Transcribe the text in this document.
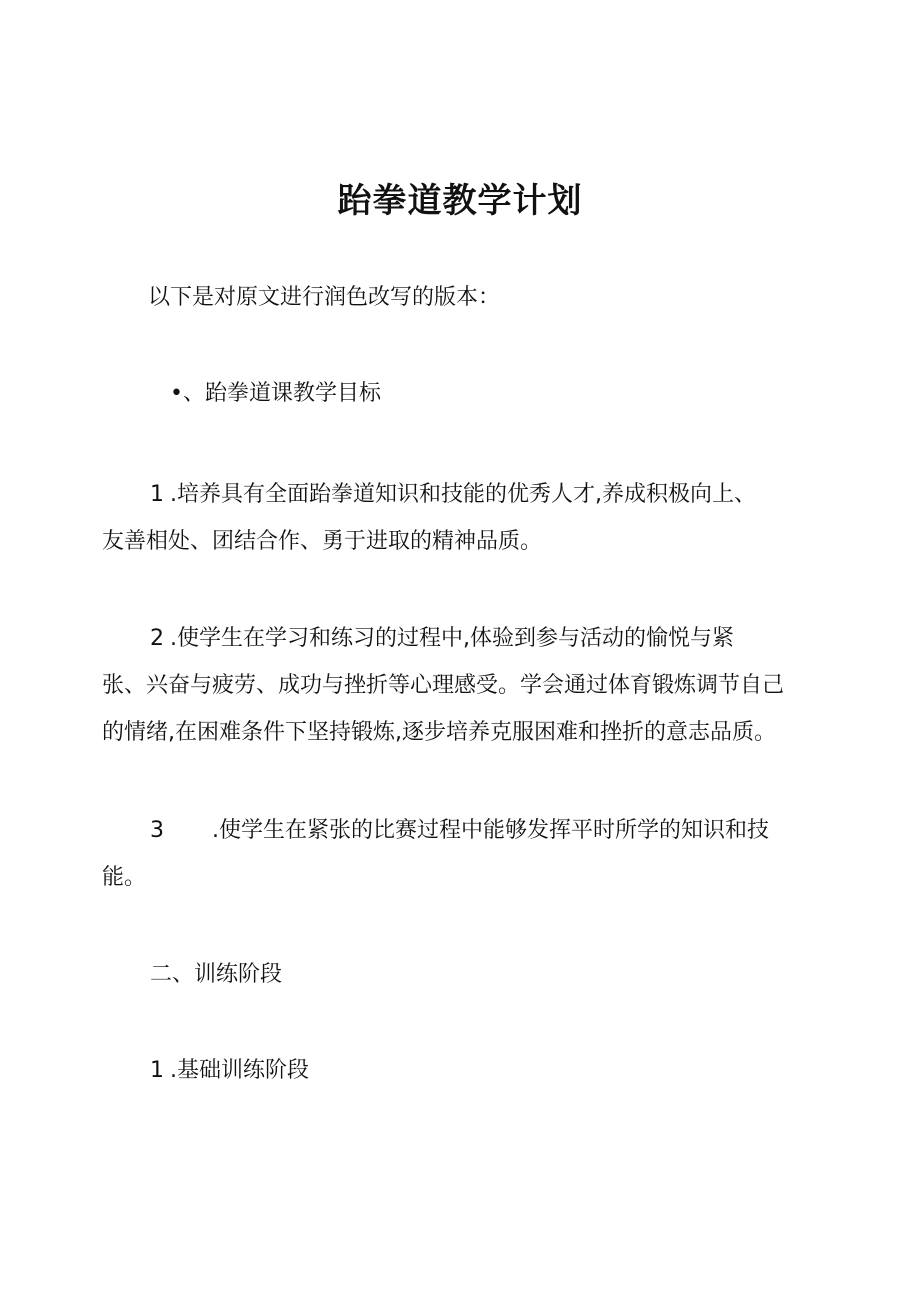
跆拳道教学计划
以下是对原文进行润色改写的版本：
•、跆拳道课教学目标
1 .培养具有全面跆拳道知识和技能的优秀人才,养成积极向上、
友善相处、团结合作、勇于进取的精神品质。
2 .使学生在学习和练习的过程中,体验到参与活动的愉悦与紧
张、兴奋与疲劳、成功与挫折等心理感受。学会通过体育锻炼调节自己
的情绪,在困难条件下坚持锻炼,逐步培养克服困难和挫折的意志品质。
3 .使学生在紧张的比赛过程中能够发挥平时所学的知识和技
能。
二、训练阶段
1 .基础训练阶段
